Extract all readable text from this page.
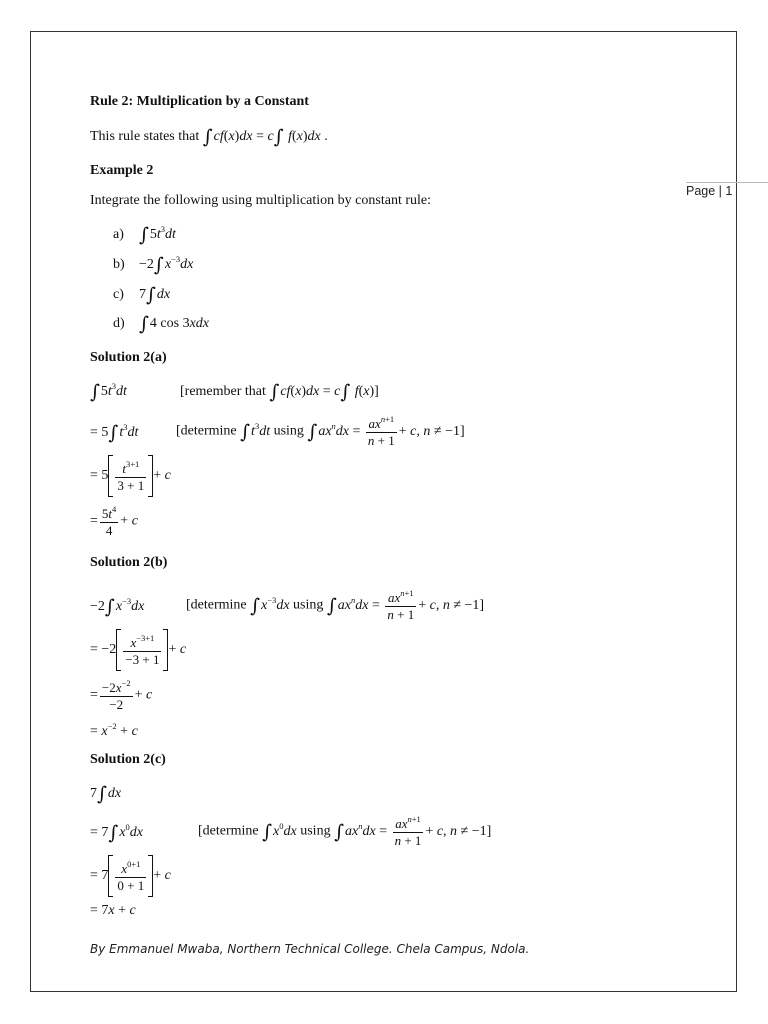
Page | 1
Rule 2: Multiplication by a Constant
This rule states that ∫cf(x)dx = c∫ f(x)dx .
Example 2
Integrate the following using multiplication by constant rule:
a) $\int 5t^3dt$
$b) -2\int x^{-3}dx$
c) 7∫dx
d) ∫4 cos 3xdx
Solution 2(a)
$\int 5t^3dt$	[remember that ∫cf(x)dx = c∫ f(x)]
= $5\int t^3dt$	[determine $\int t^3dt$ using $\int ax^ndx = \frac{ax^{n+1}}{n + 1} + c$, n ≠ −1]
= $5 \frac{t^{3+1}}{3 + 1} + c$
= $\frac{5t^4}{4} + c$
Solution 2(b)
$-2\int x^{-3}dx$	[determine $\int x^{-3}dx$ using $\int ax^ndx = \frac{ax^{n+1}}{n + 1} + c$, n ≠ −1]
= $-2 \frac{x^{-3+1}}{-3 + 1} + c$
= $\frac{-2x^{-2}}{-2} + c$
= $x^{-2} + c$
Solution 2(c)
7∫dx
= $7\int x^0dx$	[determine $\int x^0dx$ using $\int ax^ndx = \frac{ax^{n+1}}{n + 1} + c$, n ≠ −1]
= $7 \frac{x^{0+1}}{0 + 1} + c$
= 7x + c
By Emmanuel Mwaba, Northern Technical College. Chela Campus, Ndola.
